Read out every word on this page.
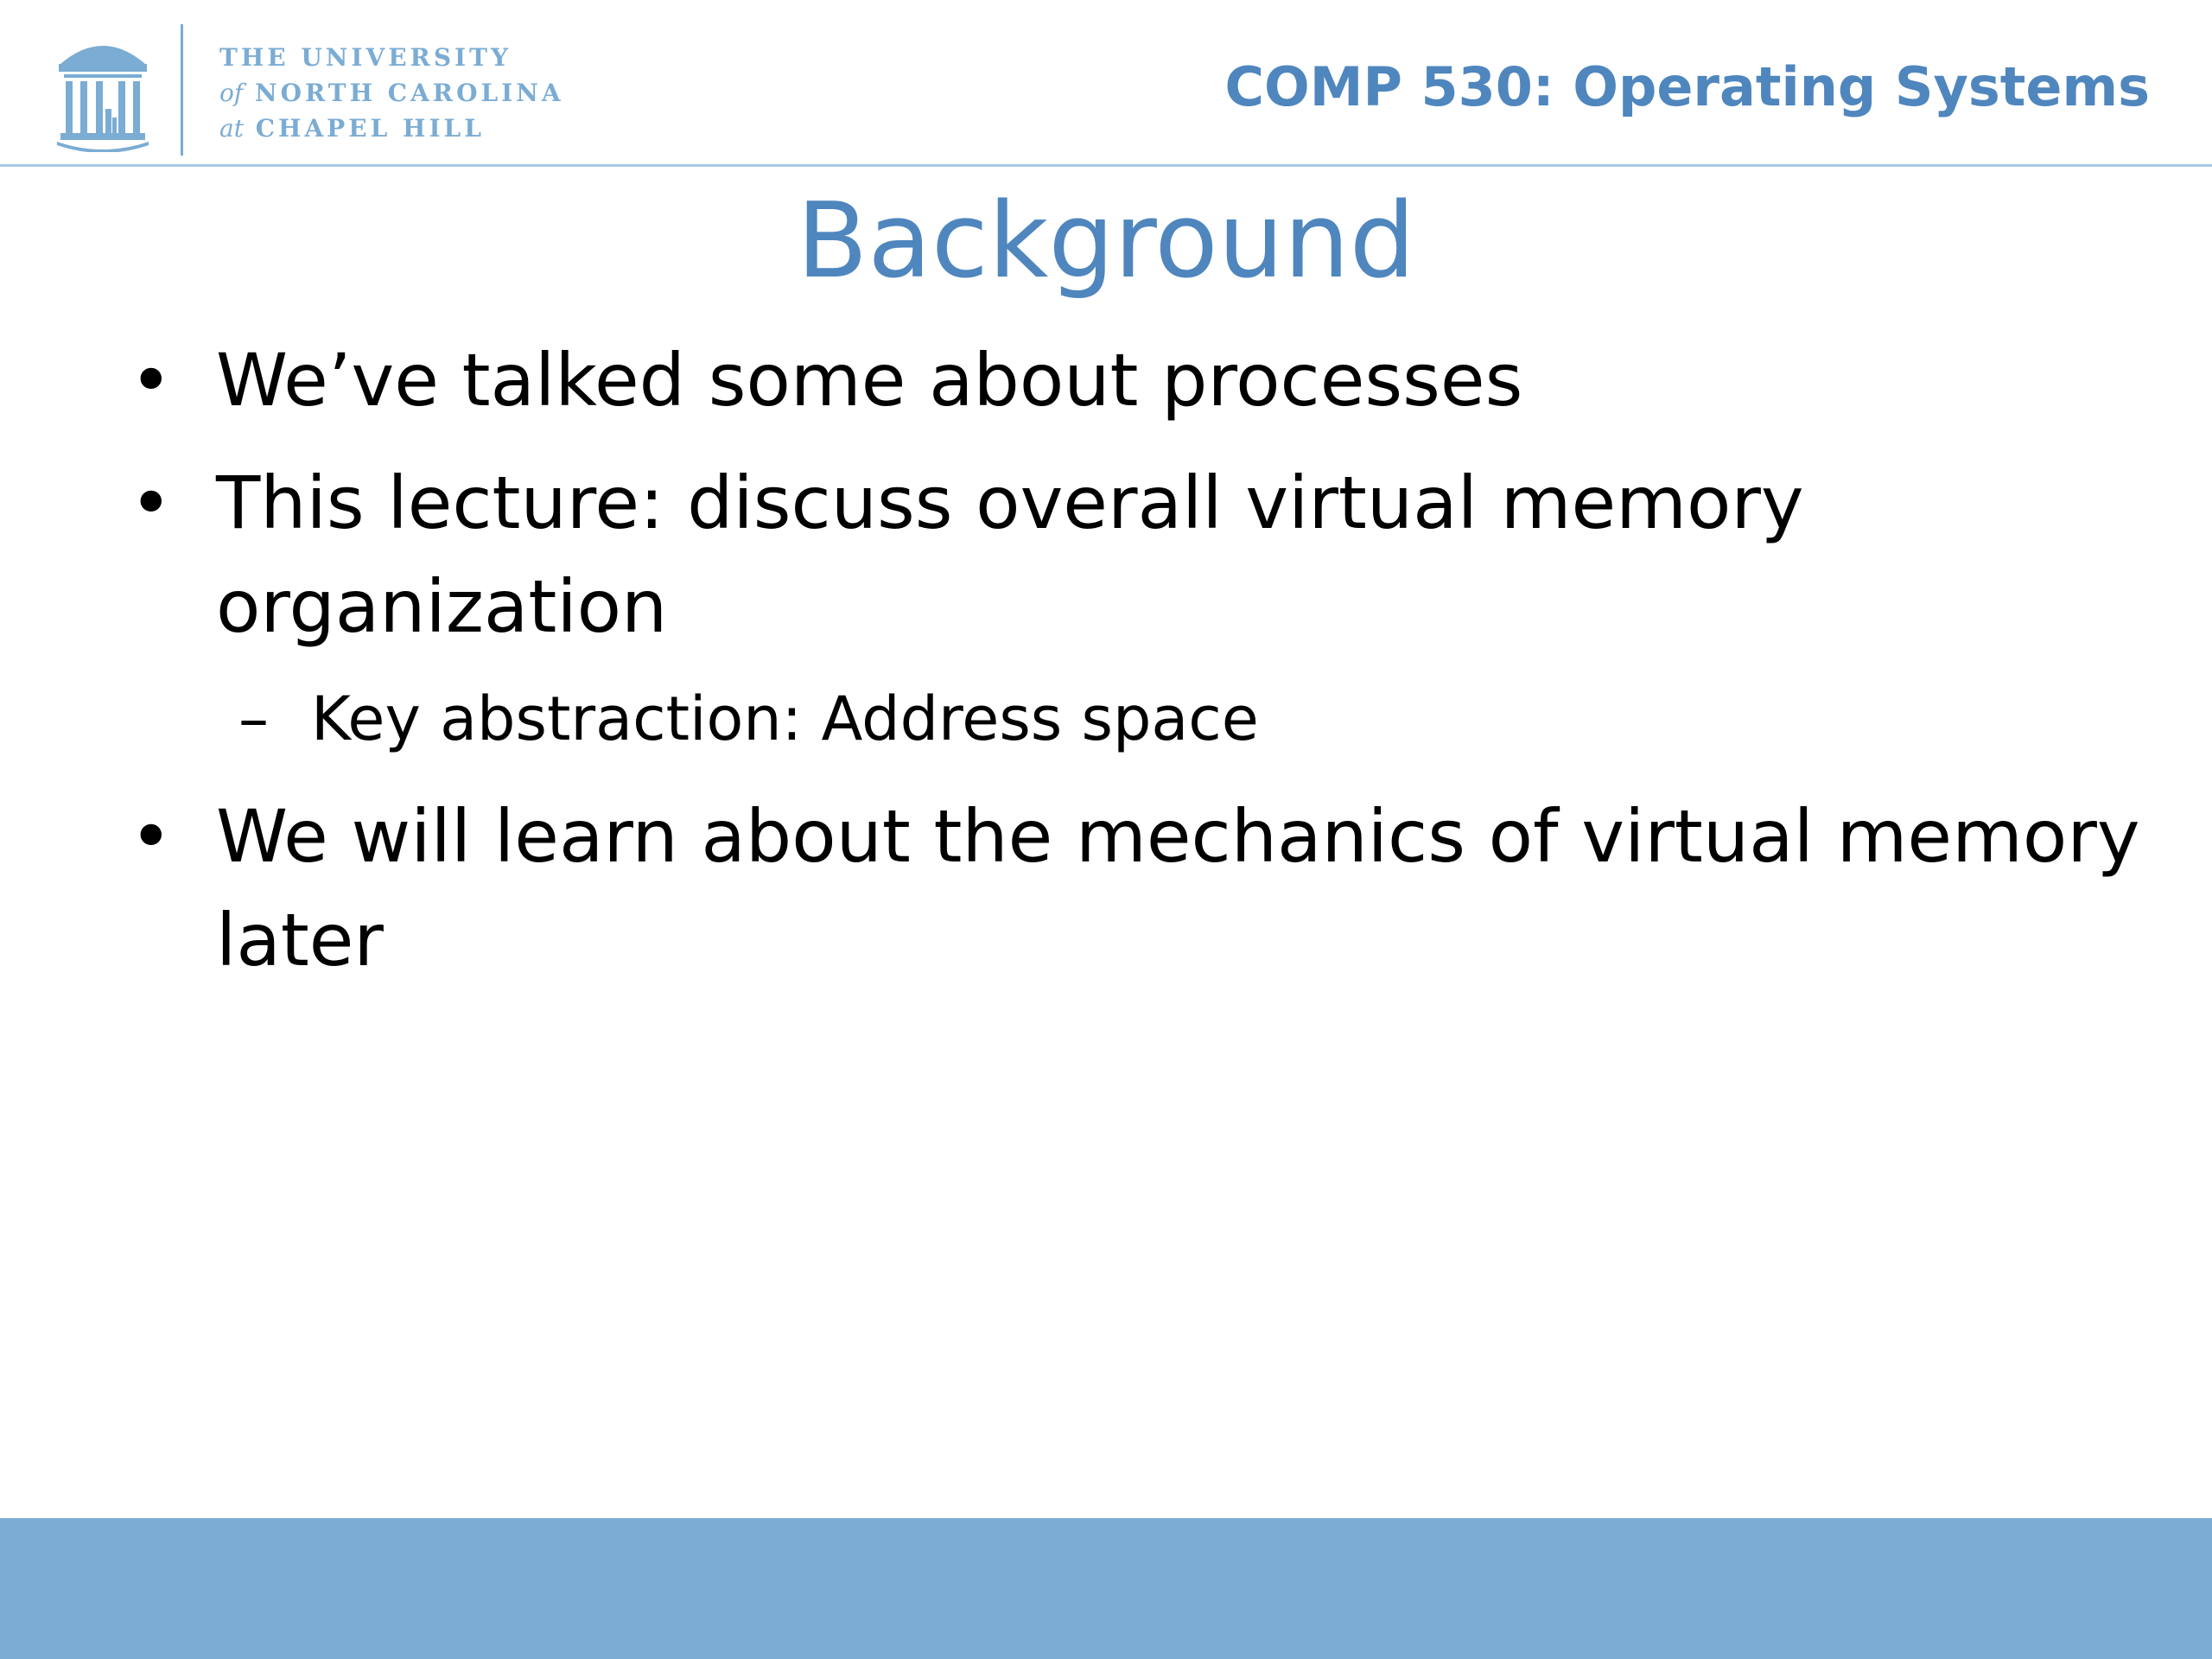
THE UNIVERSITY
of NORTH CAROLINA
at CHAPEL HILL
COMP 530: Operating Systems
Background
• We’ve talked some about processes
• This lecture: discuss overall virtual memory organization
– Key abstraction: Address space
• We will learn about the mechanics of virtual memory later
